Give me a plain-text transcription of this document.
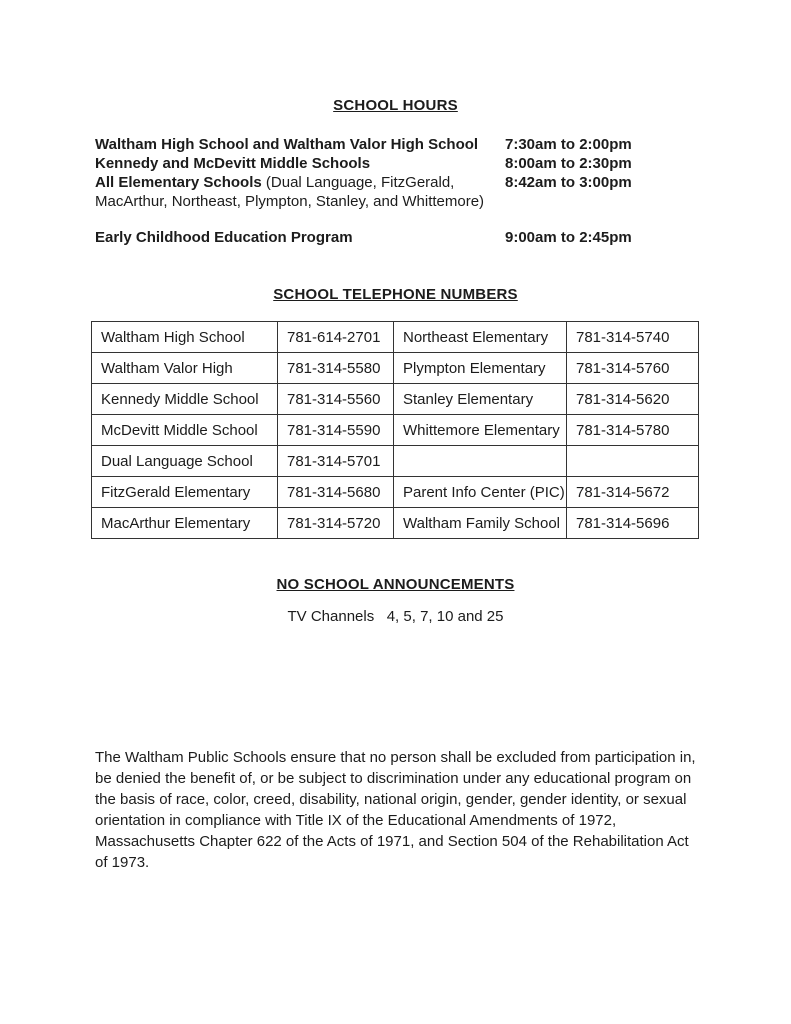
SCHOOL HOURS
Waltham High School and Waltham Valor High School	7:30am to 2:00pm
Kennedy and McDevitt Middle Schools	8:00am to 2:30pm
All Elementary Schools (Dual Language, FitzGerald,	8:42am to 3:00pm
MacArthur, Northeast, Plympton, Stanley, and Whittemore)
Early Childhood Education Program	9:00am to 2:45pm
SCHOOL TELEPHONE NUMBERS
Waltham High School	781-614-2701	Northeast Elementary	781-314-5740
Waltham Valor High	781-314-5580	Plympton Elementary	781-314-5760
Kennedy Middle School	781-314-5560	Stanley Elementary	781-314-5620
McDevitt Middle School	781-314-5590	Whittemore Elementary	781-314-5780
Dual Language School	781-314-5701		
FitzGerald Elementary	781-314-5680	Parent Info Center (PIC)	781-314-5672
MacArthur Elementary	781-314-5720	Waltham Family School	781-314-5696
NO SCHOOL ANNOUNCEMENTS
TV Channels   4, 5, 7, 10 and 25

The Waltham Public Schools ensure that no person shall be excluded from participation in, be denied the benefit of, or be subject to discrimination under any educational program on the basis of race, color, creed, disability, national origin, gender, gender identity, or sexual orientation in compliance with Title IX of the Educational Amendments of 1972, Massachusetts Chapter 622 of the Acts of 1971, and Section 504 of the Rehabilitation Act of 1973.
